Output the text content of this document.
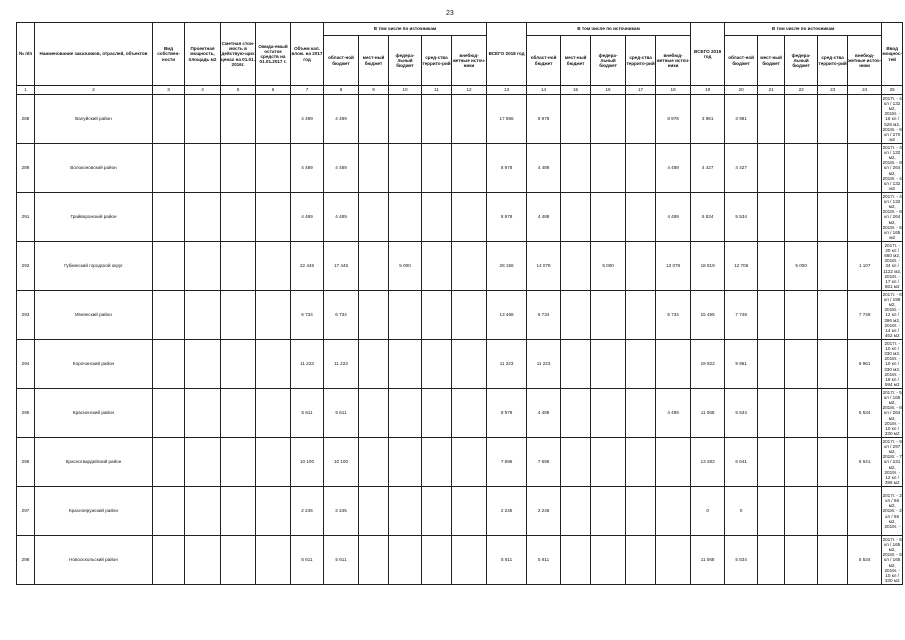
23
№ п/п	Наименование заказчиков, отраслей, объектов	Вид собствен-ности	Проектная мощность, площадь м2	Сметная стои-мость в действую-щих ценах на 01.01. 2016г.	Ожида-емый остаток средств на 01.01.2017 г.	Объем кап. влож. на 2017 год	В том числе по источникам					ВСЕГО 2018 год	В том числе по источникам					ВСЕГО 2019 год	В том числе по источникам					Ввод мощнос-тей
							област-ной бюджет	мест-ный бюджет	федера-льный бюджет	сред-ства террито-рий	внебюд-жетные источ-ники		област-ной бюджет	мест-ный бюджет	федера-льный бюджет	сред-ства террито-рий	внебюд-жетные источ-ники		област-ной бюджет	мест-ный бюджет	федера-льный бюджет	сред-ства террито-рий	внебюд-жетные источ-ники	
1	2	3	4	5	6	7	8	9	10	11	12	13	14	15	16	17	18	19	20	21	22	23	24	25
288	Валуйский район					4 489	4 489					17 956	8 978				8 978	3 981	3 981					2017г. - 4 кл / 132 м2, 2018г. - 16 кл / 528 м2, 2019г. - 9 кл / 270 м2
289	Волоконовский район					4 489	4 489					8 978	4 489				4 489	4 427	4 427					2017г. - 4 кл / 132 м2, 2018г. - 8 кл / 264 м2, 2019г. - 4 кл / 132 м2
291	Грайворонский район					4 489	4 489					8 978	4 489				4 489	5 534	5 534					2017г. - 4 кл / 132 м2, 2018г. - 8 кл / 264 м2, 2019г. - 5 кл / 165 м2
292	Губкинский городской округ					22 446	17 446		5 000			28 156	14 078		5 000		13 078	18 819	12 708		5 000		1 107	2017г. - 20 кл / 660 м2, 2018г. - 34 кл / 1122 м2, 2019г. - 17 кл / 561 м2
293	Ивнянский район					6 734	6 734					13 468	6 734				6 734	15 495	7 748				7 748	2017г. - 6 кл / 198 м2, 2018г. - 12 кл / 396 м2, 2019г. - 14 кл / 462 м2
294	Корочанский район					11 223	11 223					11 223	11 223					19 922	9 961				9 961	2017г. - 10 кл / 330 м2, 2018г. - 10 кл / 330 м2, 2019г. - 18 кл / 594 м2
295	Красненский район					5 611	5 611					8 978	4 489				4 489	11 068	5 534				5 534	2017г. - 5 кл / 165 м2, 2018г. - 8 кл / 264 м2, 2019г. - 10 кл / 330 м2
296	Красногвардейский район					10 100	10 100					7 696	7 696					13 282	6 641				6 641	2017г. - 9 кл / 297 м2, 2018г. - 7 кл / 231 м2, 2019г. - 12 кл / 396 м2
297	Краснояружский район					2 245	2 245					2 245	2 245					0	0					2017г. - 2 кл / 66 м2, 2018г. - 2 кл / 66 м2, 2019г. -
298	Новооскольский район					5 611	5 611					5 611	5 611					11 068	5 534				5 534	2017г. - 5 кл / 165 м2, 2018г. - 5 кл / 165 м2, 2019г. - 10 кл / 330 м2
